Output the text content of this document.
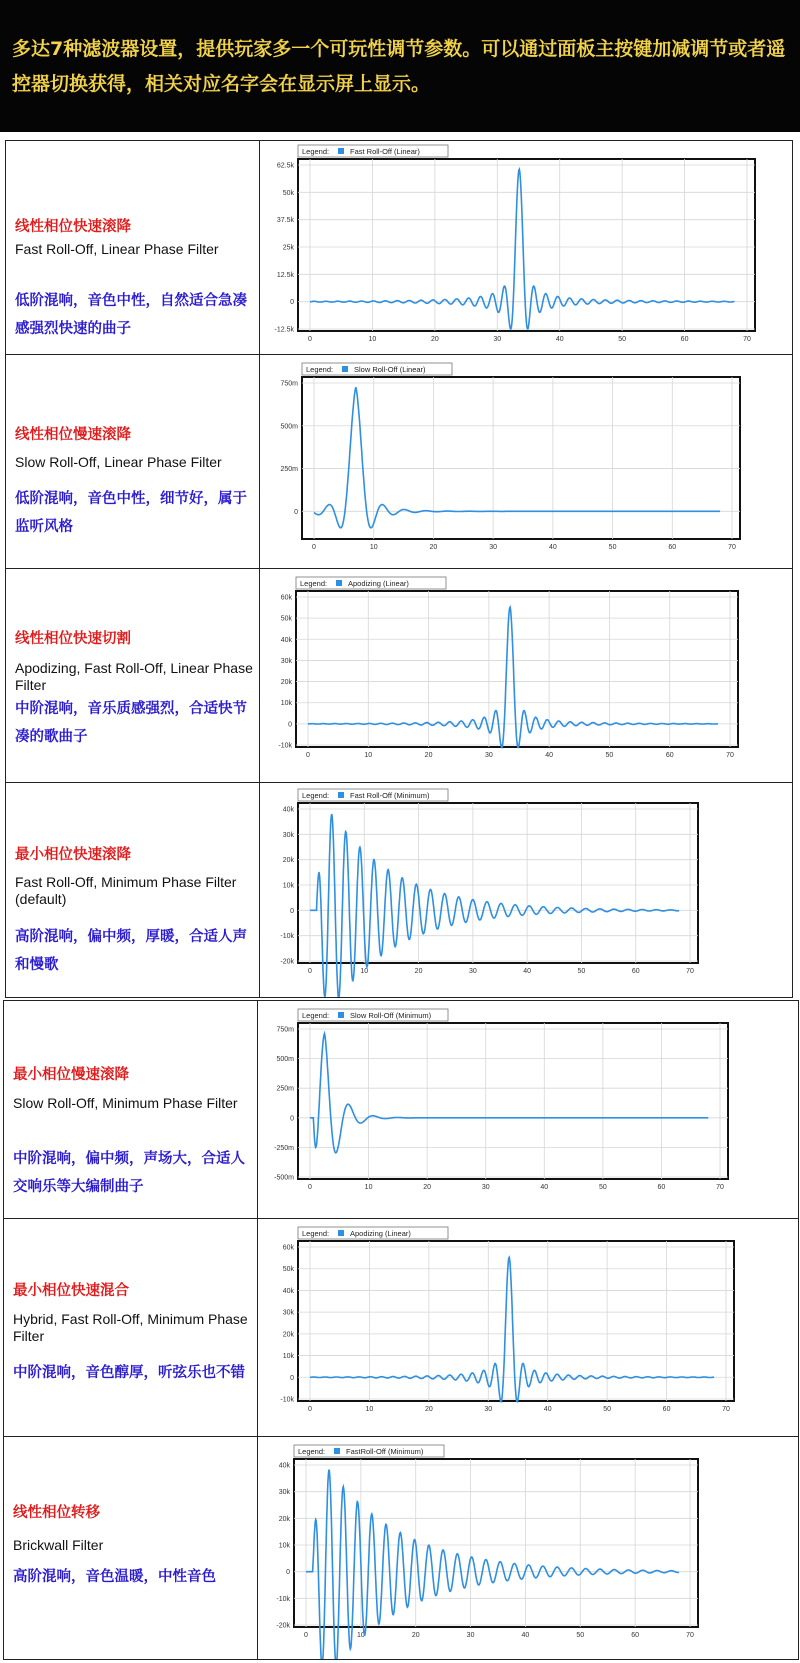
多达7种滤波器设置，提供玩家多一个可玩性调节参数。可以通过面板主按键加减调节或者遥控器切换获得，相关对应名字会在显示屏上显示。
线性相位快速滚降
Fast Roll-Off, Linear Phase Filter
低阶混响，音色中性，自然适合急凑感强烈快速的曲子
Legend:	Fast Roll-Off (Linear)
62.5k
50k
37.5k
25k
12.5k
0
-12.5k
0	10	20	30	40	50	60	70
线性相位慢速滚降
Slow Roll-Off, Linear Phase Filter
低阶混响，音色中性，细节好，属于监听风格
Legend:	Slow Roll-Off (Linear)
750m
500m
250m
0
0	10	20	30	40	50	60	70
线性相位快速切割
Apodizing, Fast Roll-Off, Linear Phase Filter
中阶混响，音乐质感强烈，合适快节凑的歌曲子
Legend:	Apodizing (Linear)
60k
50k
40k
30k
20k
10k
0
-10k
0	10	20	30	40	50	60	70
最小相位快速滚降
Fast Roll-Off, Minimum Phase Filter (default)
高阶混响，偏中频，厚暖，合适人声和慢歌
Legend:	Fast Roll-Off (Minimum)
40k
30k
20k
10k
0
-10k
-20k
0	10	20	30	40	50	60	70
最小相位慢速滚降
Slow Roll-Off, Minimum Phase Filter
中阶混响，偏中频，声场大，合适人交响乐等大编制曲子
Legend:	Slow Roll-Off (Minimum)
750m
500m
250m
0
-250m
-500m
0	10	20	30	40	50	60	70
最小相位快速混合
Hybrid, Fast Roll-Off, Minimum Phase Filter
中阶混响，音色醇厚，听弦乐也不错
Legend:	Apodizing (Linear)
60k
50k
40k
30k
20k
10k
0
-10k
0	10	20	30	40	50	60	70
线性相位转移
Brickwall Filter
高阶混响，音色温暖，中性音色
Legend:	FastRoll-Off (Minimum)
40k
30k
20k
10k
0
-10k
-20k
0	10	20	30	40	50	60	70
